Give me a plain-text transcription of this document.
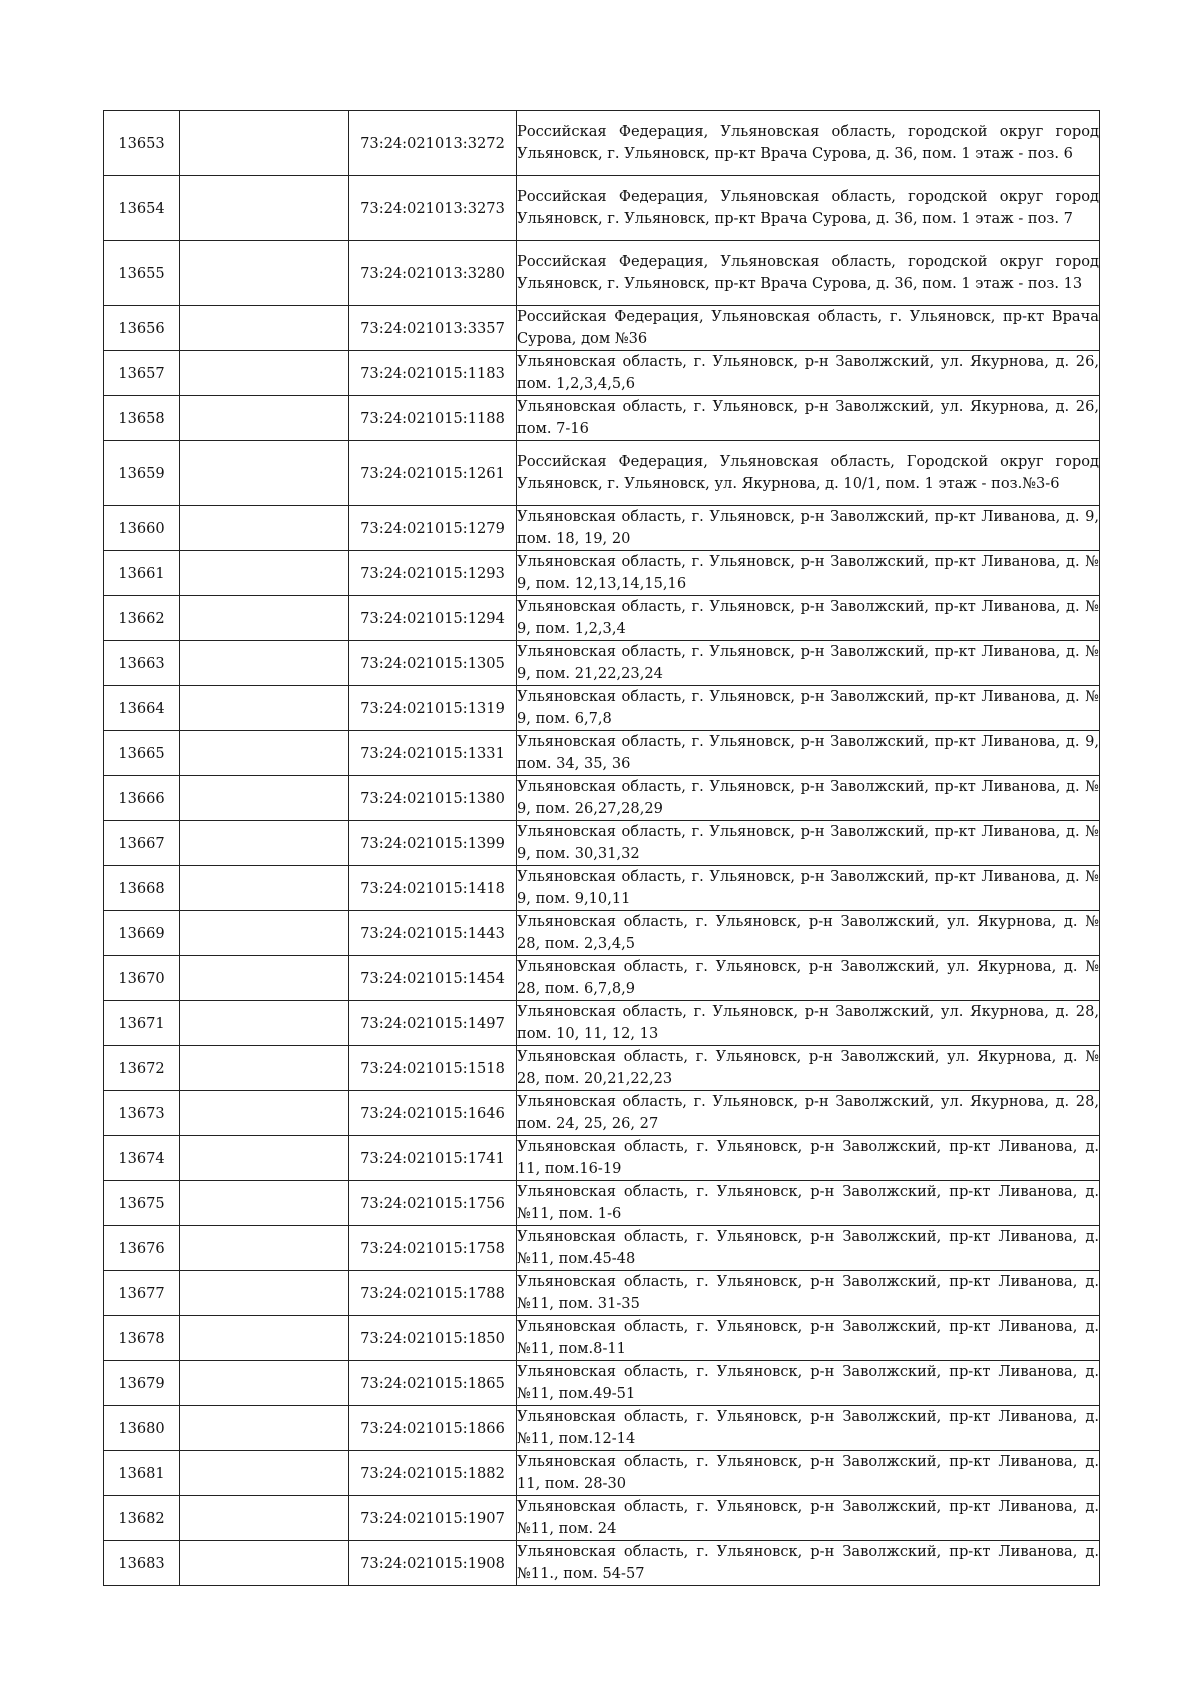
13653		73:24:021013:3272	Российская Федерация, Ульяновская область, городской округ город Ульяновск, г. Ульяновск, пр-кт Врача Сурова, д. 36, пом. 1 этаж - поз. 6
13654		73:24:021013:3273	Российская Федерация, Ульяновская область, городской округ город Ульяновск, г. Ульяновск, пр-кт Врача Сурова, д. 36, пом. 1 этаж - поз. 7
13655		73:24:021013:3280	Российская Федерация, Ульяновская область, городской округ город Ульяновск, г. Ульяновск, пр-кт Врача Сурова, д. 36, пом. 1 этаж - поз. 13
13656		73:24:021013:3357	Российская Федерация, Ульяновская область, г. Ульяновск, пр-кт Врача Сурова, дом №36
13657		73:24:021015:1183	Ульяновская область, г. Ульяновск, р-н Заволжский, ул. Якурнова, д. 26, пом. 1,2,3,4,5,6
13658		73:24:021015:1188	Ульяновская область, г. Ульяновск, р-н Заволжский, ул. Якурнова, д. 26, пом. 7-16
13659		73:24:021015:1261	Российская Федерация, Ульяновская область, Городской округ город Ульяновск, г. Ульяновск, ул. Якурнова, д. 10/1, пом. 1 этаж - поз.№3-6
13660		73:24:021015:1279	Ульяновская область, г. Ульяновск, р-н Заволжский, пр-кт Ливанова, д. 9, пом. 18, 19, 20
13661		73:24:021015:1293	Ульяновская область, г. Ульяновск, р-н Заволжский, пр-кт Ливанова, д. № 9, пом. 12,13,14,15,16
13662		73:24:021015:1294	Ульяновская область, г. Ульяновск, р-н Заволжский, пр-кт Ливанова, д. № 9, пом. 1,2,3,4
13663		73:24:021015:1305	Ульяновская область, г. Ульяновск, р-н Заволжский, пр-кт Ливанова, д. № 9, пом. 21,22,23,24
13664		73:24:021015:1319	Ульяновская область, г. Ульяновск, р-н Заволжский, пр-кт Ливанова, д. № 9, пом. 6,7,8
13665		73:24:021015:1331	Ульяновская область, г. Ульяновск, р-н Заволжский, пр-кт Ливанова, д. 9, пом. 34, 35, 36
13666		73:24:021015:1380	Ульяновская область, г. Ульяновск, р-н Заволжский, пр-кт Ливанова, д. № 9, пом. 26,27,28,29
13667		73:24:021015:1399	Ульяновская область, г. Ульяновск, р-н Заволжский, пр-кт Ливанова, д. № 9, пом. 30,31,32
13668		73:24:021015:1418	Ульяновская область, г. Ульяновск, р-н Заволжский, пр-кт Ливанова, д. № 9, пом. 9,10,11
13669		73:24:021015:1443	Ульяновская область, г. Ульяновск, р-н Заволжский, ул. Якурнова, д. № 28, пом. 2,3,4,5
13670		73:24:021015:1454	Ульяновская область, г. Ульяновск, р-н Заволжский, ул. Якурнова, д. № 28, пом. 6,7,8,9
13671		73:24:021015:1497	Ульяновская область, г. Ульяновск, р-н Заволжский, ул. Якурнова, д. 28, пом. 10, 11, 12, 13
13672		73:24:021015:1518	Ульяновская область, г. Ульяновск, р-н Заволжский, ул. Якурнова, д. № 28, пом. 20,21,22,23
13673		73:24:021015:1646	Ульяновская область, г. Ульяновск, р-н Заволжский, ул. Якурнова, д. 28, пом. 24, 25, 26, 27
13674		73:24:021015:1741	Ульяновская область, г. Ульяновск, р-н Заволжский, пр-кт Ливанова, д. 11, пом.16-19
13675		73:24:021015:1756	Ульяновская область, г. Ульяновск, р-н Заволжский, пр-кт Ливанова, д. №11, пом. 1-6
13676		73:24:021015:1758	Ульяновская область, г. Ульяновск, р-н Заволжский, пр-кт Ливанова, д. №11, пом.45-48
13677		73:24:021015:1788	Ульяновская область, г. Ульяновск, р-н Заволжский, пр-кт Ливанова, д. №11, пом. 31-35
13678		73:24:021015:1850	Ульяновская область, г. Ульяновск, р-н Заволжский, пр-кт Ливанова, д. №11, пом.8-11
13679		73:24:021015:1865	Ульяновская область, г. Ульяновск, р-н Заволжский, пр-кт Ливанова, д. №11, пом.49-51
13680		73:24:021015:1866	Ульяновская область, г. Ульяновск, р-н Заволжский, пр-кт Ливанова, д. №11, пом.12-14
13681		73:24:021015:1882	Ульяновская область, г. Ульяновск, р-н Заволжский, пр-кт Ливанова, д. 11, пом. 28-30
13682		73:24:021015:1907	Ульяновская область, г. Ульяновск, р-н Заволжский, пр-кт Ливанова, д. №11, пом. 24
13683		73:24:021015:1908	Ульяновская область, г. Ульяновск, р-н Заволжский, пр-кт Ливанова, д. №11., пом. 54-57
